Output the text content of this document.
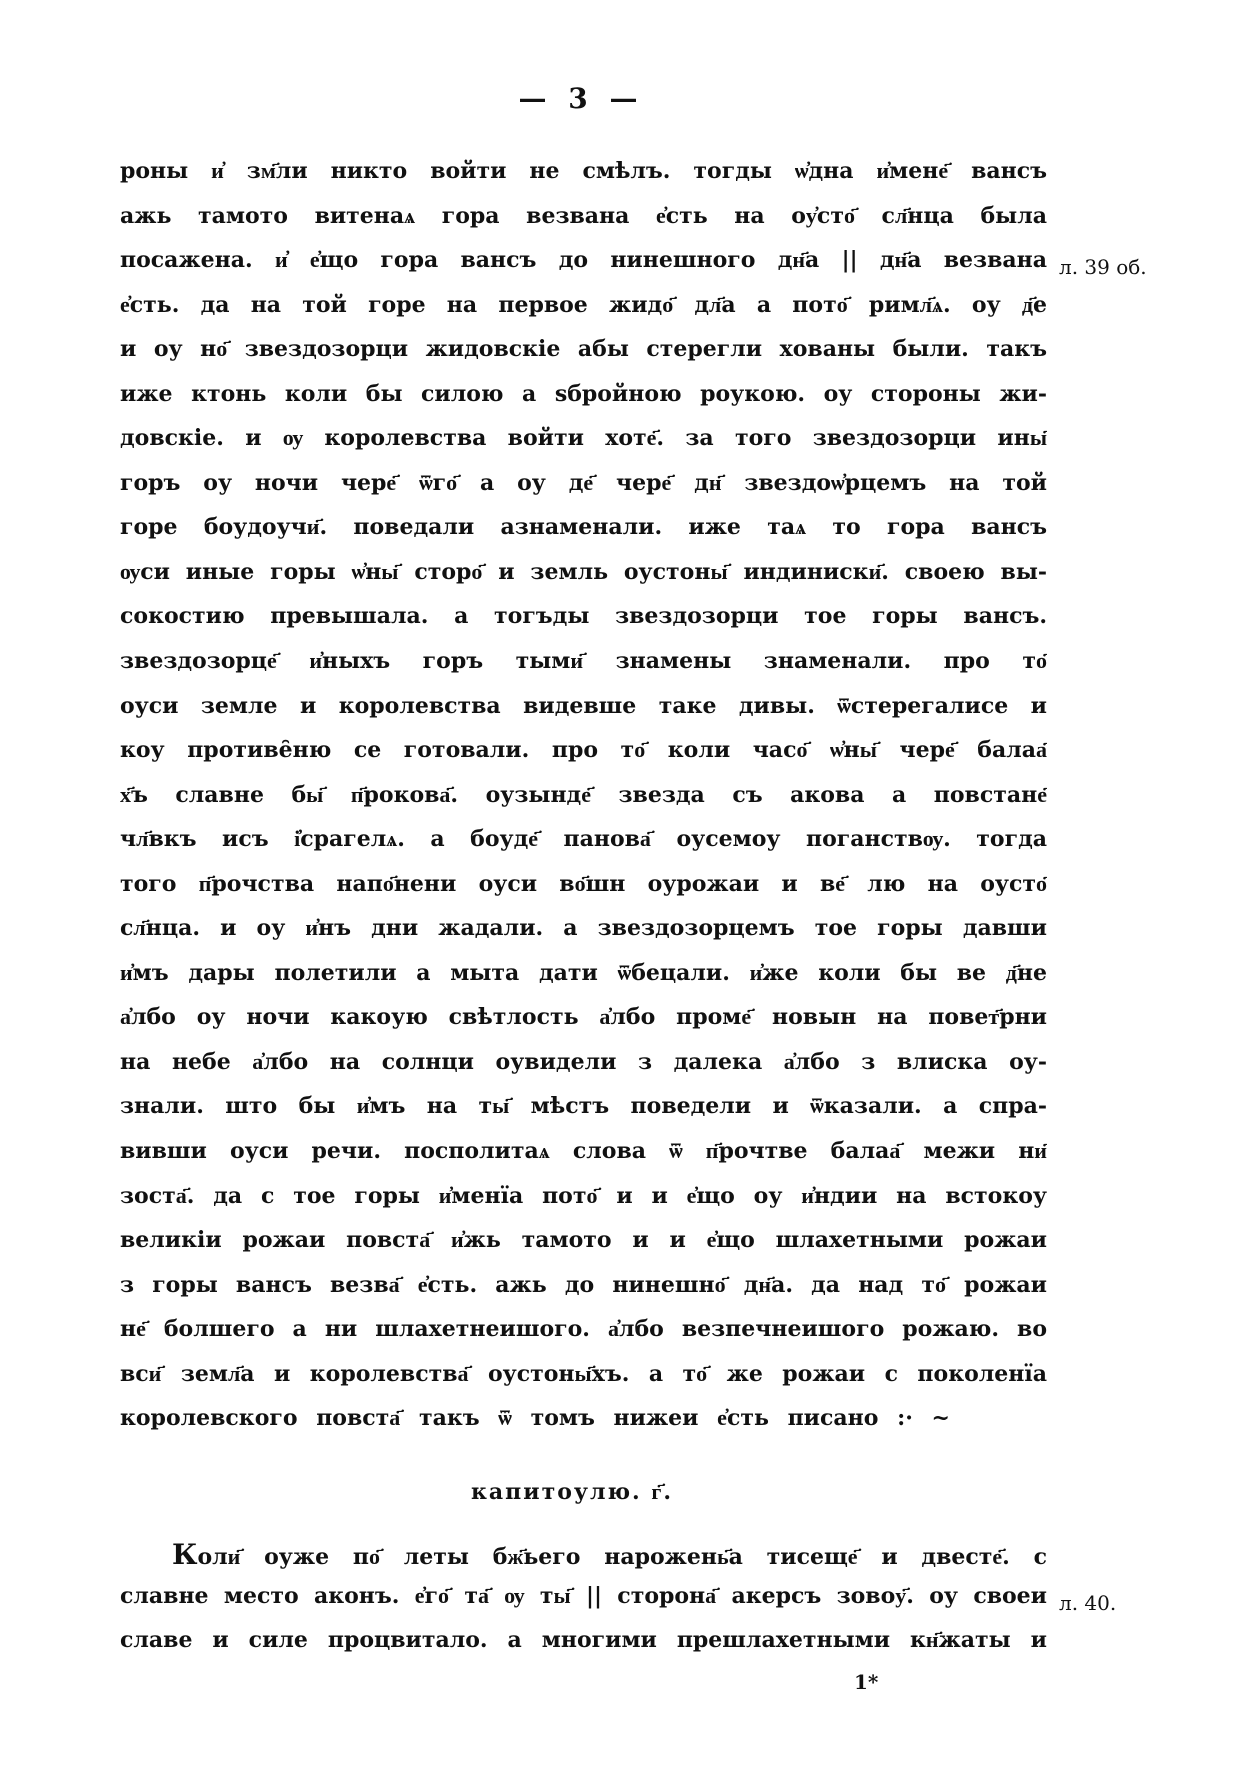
— 3 —
роны и҆ зм҃ли никто войти не смѣлъ. тогды ѡ҆дна и҆мене҃ вансъ
ажь тамото витенаѧ гора везвана е҆сть на оу҆сто҃ сл҃нца была
посажена. и҆ е҆що гора вансъ до нинешного дн҃а || дн҃а везвана
е҆сть. да на той горе на первое жидо҃ дл҃а а пото҃ римл҃ѧ. оу д҃е
и оу но҃ звездозорци жидовскіе абы стерегли хованы были. такъ
иже ктонь коли бы силою а ѕбройною роукою. оу стороны жи-
довскіе. и ѹ королевства войти хоте҃. за того звездозорци ины҃
горъ оу ночи чере҃ ѿго҃ а оу де҃ чере҃ дн҃ звездоѡ҆рцемъ на той
горе боудоучи҃. поведали азнаменали. иже таѧ то гора вансъ
ѹси иные горы ѡ҆ны҃ сторо҃ и земль оустоны҃ индиниски҃. своею вы-
сокостию превышала. а тогъды звездозорци тое горы вансъ.
звездозорце҃ и҆ныхъ горъ тыми҃ знамены знаменали. про то҃
оуси земле и королевства видевше таке дивы. ѿстерегалисе и
коу противе̑ню се готовали. про то҃ коли часо҃ ѡ҆ны҃ чере҃ балаа҃
х҃ъ славне бы҃ п҃рокова҃. оузынде҃ звезда съ акова а повстане҃
чл҃вкъ исъ і҆срагелѧ. а боуде҃ панова҃ оусемоу поганствѹ. тогда
того п҃рочства напо҃нени оуси во҃шн оурожаи и ве҃ лю на оусто҃
сл҃нца. и оу и҆нъ дни жадали. а звездозорцемъ тое горы давши
и҆мъ дары полетили а мыта дати ѿбецали. и҆же коли бы ве д҃не
а҆лбо оу ночи какоую свѣтлость а҆лбо проме҃ новын на повет҃рни
на небе а҆лбо на солнци оувидели з далека а҆лбо з влиска оу-
знали. што бы и҆мъ на ты҃ мѣстъ поведели и ѿказали. а спра-
вивши оуси речи. посполитаѧ слова ѿ п҃рочтве балаа҃ межи ни҃
зоста҃. да с тое горы и҆менїа пото҃ и и е҆що оу и҆ндии на встокоу
великіи рожаи повста҃ и҆жь тамото и и е҆що шлахетными рожаи
з горы вансъ везва҃ е҆сть. ажь до нинешно҃ дн҃а. да над то҃ рожаи
не҃ болшего а ни шлахетнеишого. а҆лбо везпечнеишого рожаю. во
вси҃ земл҃а и королевства҃ оустоны҃хъ. а то҃ же рожаи с поколенїа
королевского повста҃ такъ ѿ томъ нижеи е҆сть писано :· ~
л. 39 об.
капитоулю. г҃.
Коли҃ оуже по҃ леты бж҃ьего нарожень҃а тисеще҃ и двесте҃. с
славне место аконъ. е҆го҃ та҃ ѹ ты҃ || сторона҃ акерсъ зовоу҃. оу своеи
славе и силе процвитало. а многими прешлахетными кн҃жаты и
л. 40.
1*
